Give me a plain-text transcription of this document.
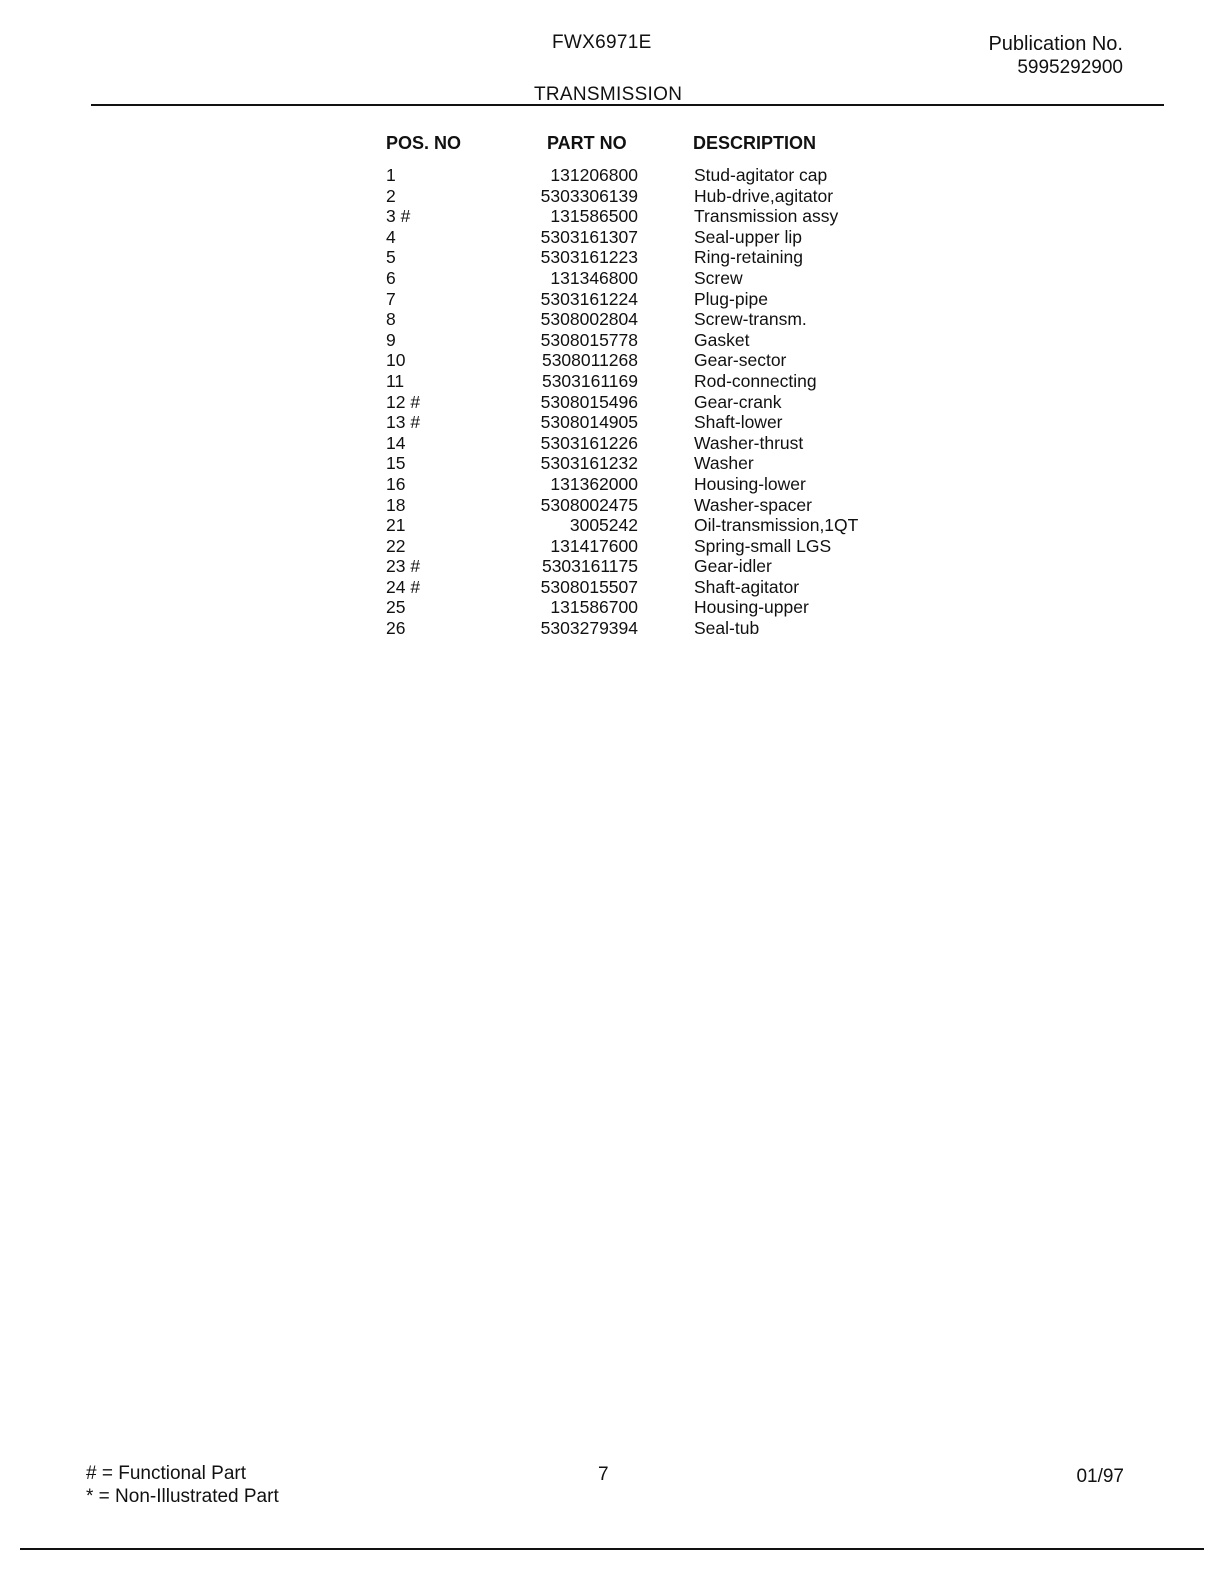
FWX6971E	Publication No.
5995292900
TRANSMISSION
POS. NO	PART NO	DESCRIPTION
1	131206800	Stud-agitator cap
2	5303306139	Hub-drive,agitator
3 #	131586500	Transmission assy
4	5303161307	Seal-upper lip
5	5303161223	Ring-retaining
6	131346800	Screw
7	5303161224	Plug-pipe
8	5308002804	Screw-transm.
9	5308015778	Gasket
10	5308011268	Gear-sector
11	5303161169	Rod-connecting
12 #	5308015496	Gear-crank
13 #	5308014905	Shaft-lower
14	5303161226	Washer-thrust
15	5303161232	Washer
16	131362000	Housing-lower
18	5308002475	Washer-spacer
21	3005242	Oil-transmission,1QT
22	131417600	Spring-small LGS
23 #	5303161175	Gear-idler
24 #	5308015507	Shaft-agitator
25	131586700	Housing-upper
26	5303279394	Seal-tub
# = Functional Part
* = Non-Illustrated Part
7	01/97
